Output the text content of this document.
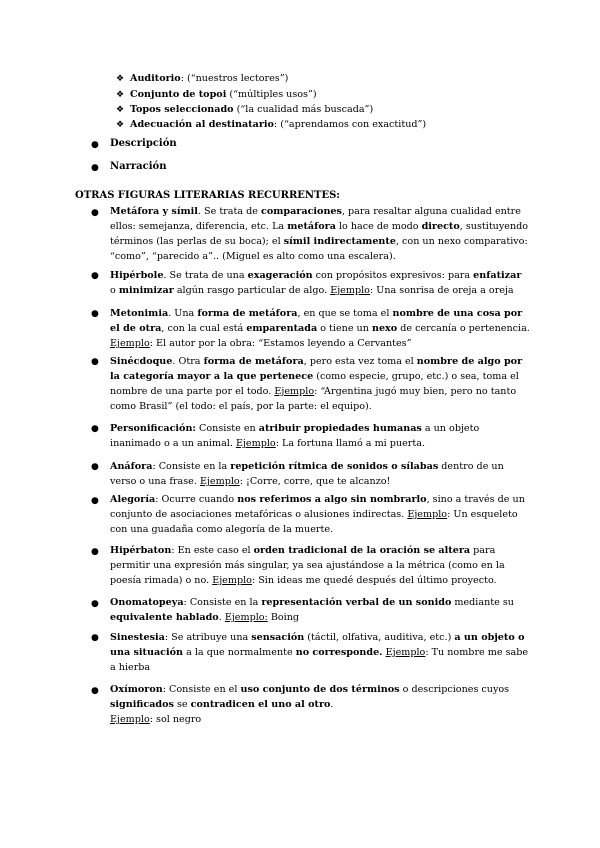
❖ Auditorio: (“nuestros lectores”)
❖ Conjunto de topoi (“múltiples usos”)
❖ Topos seleccionado (“la cualidad más buscada”)
❖ Adecuación al destinatario: (“aprendamos con exactitud”)
● Descripción
● Narración
OTRAS FIGURAS LITERARIAS RECURRENTES:
● Metáfora y símil. Se trata de comparaciones, para resaltar alguna cualidad entre ellos: semejanza, diferencia, etc. La metáfora lo hace de modo directo, sustituyendo términos (las perlas de su boca); el símil indirectamente, con un nexo comparativo: “como”, “parecido a”.. (Miguel es alto como una escalera).
● Hipérbole. Se trata de una exageración con propósitos expresivos: para enfatizar o minimizar algún rasgo particular de algo. Ejemplo: Una sonrisa de oreja a oreja
● Metonimia. Una forma de metáfora, en que se toma el nombre de una cosa por el de otra, con la cual está emparentada o tiene un nexo de cercanía o pertenencia. Ejemplo: El autor por la obra: “Estamos leyendo a Cervantes”
● Sinécdoque. Otra forma de metáfora, pero esta vez toma el nombre de algo por la categoría mayor a la que pertenece (como especie, grupo, etc.) o sea, toma el nombre de una parte por el todo. Ejemplo: “Argentina jugó muy bien, pero no tanto como Brasil” (el todo: el país, por la parte: el equipo).
● Personificación: Consiste en atribuir propiedades humanas a un objeto inanimado o a un animal. Ejemplo: La fortuna llamó a mi puerta.
● Anáfora: Consiste en la repetición rítmica de sonidos o sílabas dentro de un verso o una frase. Ejemplo: ¡Corre, corre, que te alcanzo!
● Alegoría: Ocurre cuando nos referimos a algo sin nombrarlo, sino a través de un conjunto de asociaciones metafóricas o alusiones indirectas. Ejemplo: Un esqueleto con una guadaña como alegoría de la muerte.
● Hipérbaton: En este caso el orden tradicional de la oración se altera para permitir una expresión más singular, ya sea ajustándose a la métrica (como en la poesía rimada) o no. Ejemplo: Sin ideas me quedé después del último proyecto.
● Onomatopeya: Consiste en la representación verbal de un sonido mediante su equivalente hablado. Ejemplo: Boing
● Sinestesia: Se atribuye una sensación (táctil, olfativa, auditiva, etc.) a un objeto o una situación a la que normalmente no corresponde. Ejemplo: Tu nombre me sabe a hierba
● Oxímoron: Consiste en el uso conjunto de dos términos o descripciones cuyos significados se contradicen el uno al otro.
Ejemplo: sol negro
